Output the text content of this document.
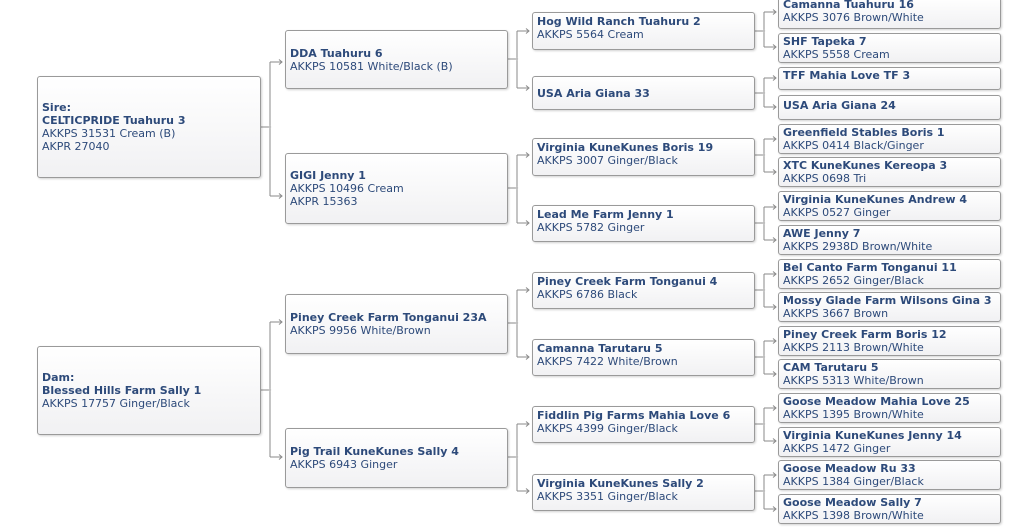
Sire:
CELTICPRIDE Tuahuru 3
AKKPS 31531 Cream (B)
AKPR 27040
Dam:
Blessed Hills Farm Sally 1
AKKPS 17757 Ginger/Black
DDA Tuahuru 6
AKKPS 10581 White/Black (B)
GIGI Jenny 1
AKKPS 10496 Cream
AKPR 15363
Piney Creek Farm Tonganui 23A
AKKPS 9956 White/Brown
Pig Trail KuneKunes Sally 4
AKKPS 6943 Ginger
Hog Wild Ranch Tuahuru 2
AKKPS 5564 Cream
USA Aria Giana 33
Virginia KuneKunes Boris 19
AKKPS 3007 Ginger/Black
Lead Me Farm Jenny 1
AKKPS 5782 Ginger
Piney Creek Farm Tonganui 4
AKKPS 6786 Black
Camanna Tarutaru 5
AKKPS 7422 White/Brown
Fiddlin Pig Farms Mahia Love 6
AKKPS 4399 Ginger/Black
Virginia KuneKunes Sally 2
AKKPS 3351 Ginger/Black
Camanna Tuahuru 16
AKKPS 3076 Brown/White
SHF Tapeka 7
AKKPS 5558 Cream
TFF Mahia Love TF 3
USA Aria Giana 24
Greenfield Stables Boris 1
AKKPS 0414 Black/Ginger
XTC KuneKunes Kereopa 3
AKKPS 0698 Tri
Virginia KuneKunes Andrew 4
AKKPS 0527 Ginger
AWE Jenny 7
AKKPS 2938D Brown/White
Bel Canto Farm Tonganui 11
AKKPS 2652 Ginger/Black
Mossy Glade Farm Wilsons Gina 3
AKKPS 3667 Brown
Piney Creek Farm Boris 12
AKKPS 2113 Brown/White
CAM Tarutaru 5
AKKPS 5313 White/Brown
Goose Meadow Mahia Love 25
AKKPS 1395 Brown/White
Virginia KuneKunes Jenny 14
AKKPS 1472 Ginger
Goose Meadow Ru 33
AKKPS 1384 Ginger/Black
Goose Meadow Sally 7
AKKPS 1398 Brown/White
